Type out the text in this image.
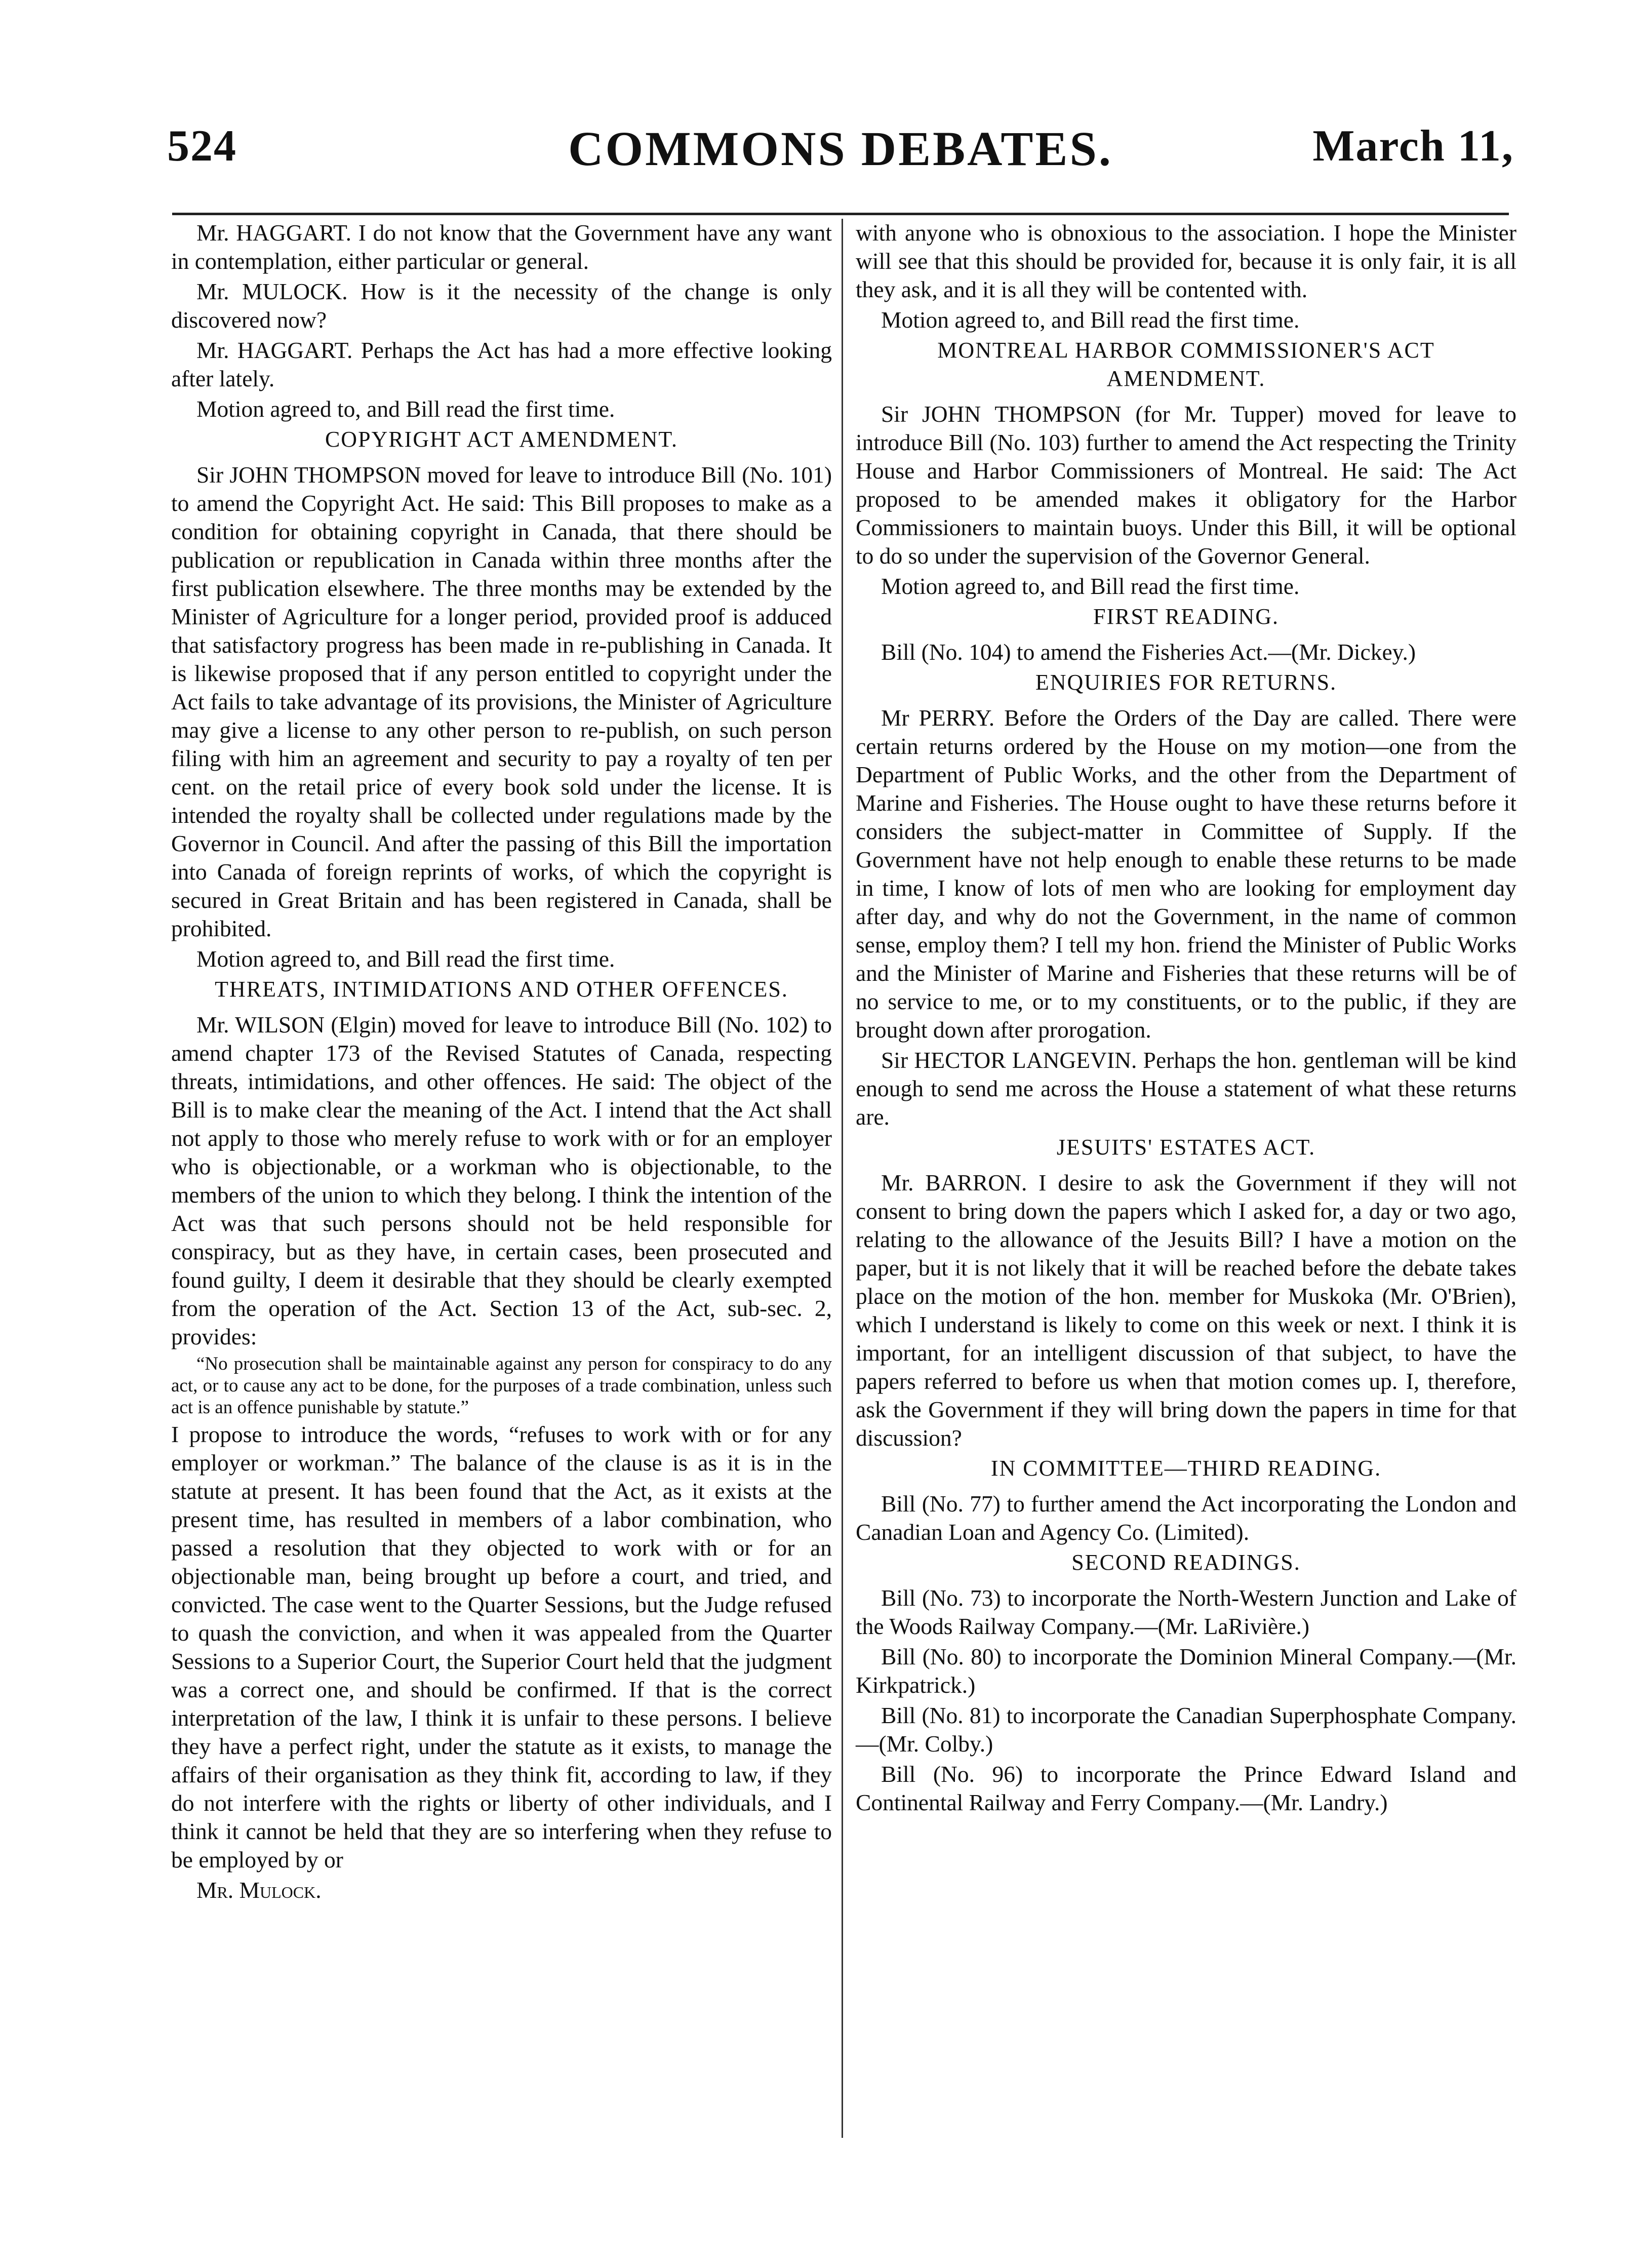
524	COMMONS DEBATES.	March 11,

Mr. HAGGART. I do not know that the Government have any want in contemplation, either particular or general.

Mr. MULOCK. How is it the necessity of the change is only discovered now?

Mr. HAGGART. Perhaps the Act has had a more effective looking after lately.

Motion agreed to, and Bill read the first time.

COPYRIGHT ACT AMENDMENT.

Sir JOHN THOMPSON moved for leave to introduce Bill (No. 101) to amend the Copyright Act. He said: This Bill proposes to make as a condition for obtaining copyright in Canada, that there should be publication or republication in Canada within three months after the first publication elsewhere. The three months may be extended by the Minister of Agriculture for a longer period, provided proof is adduced that satisfactory progress has been made in re-publishing in Canada. It is likewise proposed that if any person entitled to copyright under the Act fails to take advantage of its provisions, the Minister of Agriculture may give a license to any other person to re-publish, on such person filing with him an agreement and security to pay a royalty of ten per cent. on the retail price of every book sold under the license. It is intended the royalty shall be collected under regulations made by the Governor in Council. And after the passing of this Bill the importation into Canada of foreign reprints of works, of which the copyright is secured in Great Britain and has been registered in Canada, shall be prohibited.

Motion agreed to, and Bill read the first time.

THREATS, INTIMIDATIONS AND OTHER OFFENCES.

Mr. WILSON (Elgin) moved for leave to introduce Bill (No. 102) to amend chapter 173 of the Revised Statutes of Canada, respecting threats, intimidations, and other offences. He said: The object of the Bill is to make clear the meaning of the Act. I intend that the Act shall not apply to those who merely refuse to work with or for an employer who is objectionable, or a workman who is objectionable, to the members of the union to which they belong. I think the intention of the Act was that such persons should not be held responsible for conspiracy, but as they have, in certain cases, been prosecuted and found guilty, I deem it desirable that they should be clearly exempted from the operation of the Act. Section 13 of the Act, sub-sec. 2, provides:

“No prosecution shall be maintainable against any person for conspiracy to do any act, or to cause any act to be done, for the purposes of a trade combination, unless such act is an offence punishable by statute.”

I propose to introduce the words, “refuses to work with or for any employer or workman.” The balance of the clause is as it is in the statute at present. It has been found that the Act, as it exists at the present time, has resulted in members of a labor combination, who passed a resolution that they objected to work with or for an objectionable man, being brought up before a court, and tried, and convicted. The case went to the Quarter Sessions, but the Judge refused to quash the conviction, and when it was appealed from the Quarter Sessions to a Superior Court, the Superior Court held that the judgment was a correct one, and should be confirmed. If that is the correct interpretation of the law, I think it is unfair to these persons. I believe they have a perfect right, under the statute as it exists, to manage the affairs of their organisation as they think fit, according to law, if they do not interfere with the rights or liberty of other individuals, and I think it cannot be held that they are so interfering when they refuse to be employed by or

Mr. Mulock.

with anyone who is obnoxious to the association. I hope the Minister will see that this should be provided for, because it is only fair, it is all they ask, and it is all they will be contented with.

Motion agreed to, and Bill read the first time.

MONTREAL HARBOR COMMISSIONER'S ACT AMENDMENT.

Sir JOHN THOMPSON (for Mr. Tupper) moved for leave to introduce Bill (No. 103) further to amend the Act respecting the Trinity House and Harbor Commissioners of Montreal. He said: The Act proposed to be amended makes it obligatory for the Harbor Commissioners to maintain buoys. Under this Bill, it will be optional to do so under the supervision of the Governor General.

Motion agreed to, and Bill read the first time.

FIRST READING.

Bill (No. 104) to amend the Fisheries Act.—(Mr. Dickey.)

ENQUIRIES FOR RETURNS.

Mr PERRY. Before the Orders of the Day are called. There were certain returns ordered by the House on my motion—one from the Department of Public Works, and the other from the Department of Marine and Fisheries. The House ought to have these returns before it considers the subject-matter in Committee of Supply. If the Government have not help enough to enable these returns to be made in time, I know of lots of men who are looking for employment day after day, and why do not the Government, in the name of common sense, employ them? I tell my hon. friend the Minister of Public Works and the Minister of Marine and Fisheries that these returns will be of no service to me, or to my constituents, or to the public, if they are brought down after prorogation.

Sir HECTOR LANGEVIN. Perhaps the hon. gentleman will be kind enough to send me across the House a statement of what these returns are.

JESUITS' ESTATES ACT.

Mr. BARRON. I desire to ask the Government if they will not consent to bring down the papers which I asked for, a day or two ago, relating to the allowance of the Jesuits Bill? I have a motion on the paper, but it is not likely that it will be reached before the debate takes place on the motion of the hon. member for Muskoka (Mr. O'Brien), which I understand is likely to come on this week or next. I think it is important, for an intelligent discussion of that subject, to have the papers referred to before us when that motion comes up. I, therefore, ask the Government if they will bring down the papers in time for that discussion?

IN COMMITTEE—THIRD READING.

Bill (No. 77) to further amend the Act incorporating the London and Canadian Loan and Agency Co. (Limited).

SECOND READINGS.

Bill (No. 73) to incorporate the North-Western Junction and Lake of the Woods Railway Company.—(Mr. LaRivière.)

Bill (No. 80) to incorporate the Dominion Mineral Company.—(Mr. Kirkpatrick.)

Bill (No. 81) to incorporate the Canadian Superphosphate Company.—(Mr. Colby.)

Bill (No. 96) to incorporate the Prince Edward Island and Continental Railway and Ferry Company.—(Mr. Landry.)
